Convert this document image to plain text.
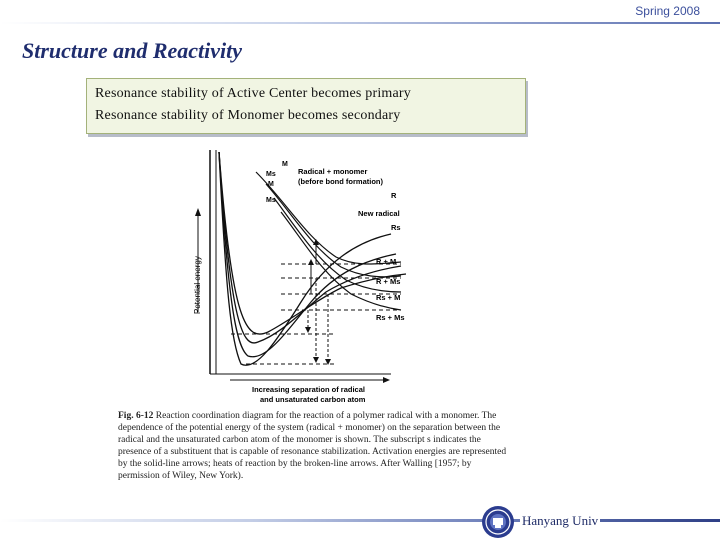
Spring 2008
Structure and Reactivity
Resonance stability of Active Center becomes primary
Resonance stability of Monomer becomes secondary
Potential energy
M
Ms
M
Ms
Radical + monomer
(before bond formation)
R
New radical
Rs
R + M
R + Ms
Rs + M
Rs + Ms
Increasing separation of radical
and unsaturated carbon atom
Fig. 6-12 Reaction coordination diagram for the reaction of a polymer radical with a monomer. The dependence of the potential energy of the system (radical + monomer) on the separation between the radical and the unsaturated carbon atom of the monomer is shown. The subscript s indicates the presence of a substituent that is capable of resonance stabilization. Activation energies are represented by the solid-line arrows; heats of reaction by the broken-line arrows. After Walling [1957; by permission of Wiley, New York).
Hanyang Univ
